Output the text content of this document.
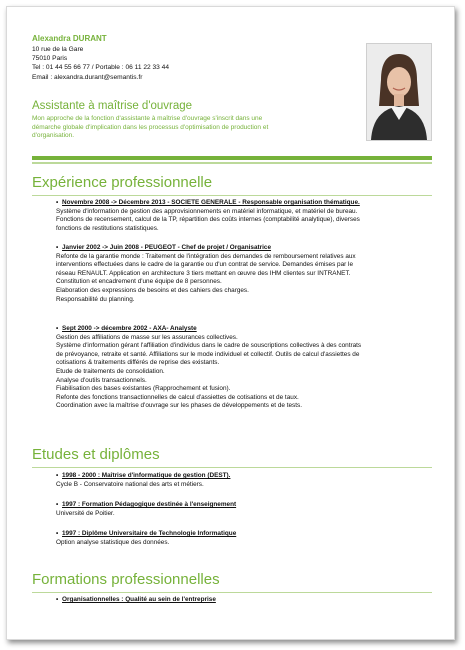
Alexandra DURANT
10 rue de la Gare
75010 Paris
Tel : 01 44 55 66 77 / Portable : 06 11 22 33 44
Email : alexandra.durant@semantis.fr
Assistante à maîtrise d'ouvrage
Mon approche de la fonction d'assistante à maîtrise d'ouvrage s'inscrit dans une
démarche globale d'implication dans les processus d'optimisation de production et
d'organisation.
Expérience professionnelle
• Novembre 2008 -> Décembre 2013 - SOCIETE GENERALE - Responsable organisation thématique.
Système d'information de gestion des approvisionnements en matériel informatique, et matériel de bureau.
Fonctions de recensement, calcul de la TP, répartition des coûts internes (comptabilité analytique), diverses
fonctions de restitutions statistiques.
• Janvier 2002 -> Juin 2008 - PEUGEOT - Chef de projet / Organisatrice
Refonte de la garantie monde : Traitement de l'intégration des demandes de remboursement relatives aux
interventions effectuées dans le cadre de la garantie ou d'un contrat de service. Demandes émises par le
réseau RENAULT. Application en architecture 3 tiers mettant en œuvre des IHM clientes sur INTRANET.
Constitution et encadrement d'une équipe de 8 personnes.
Elaboration des expressions de besoins et des cahiers des charges.
Responsabilité du planning.
• Sept 2000 -> décembre 2002 - AXA- Analyste
Gestion des affiliations de masse sur les assurances collectives.
Système d'information gérant l'affiliation d'individus dans le cadre de souscriptions collectives à des contrats
de prévoyance, retraite et santé. Affiliations sur le mode individuel et collectif. Outils de calcul d'assiettes de
cotisations & traitements différés de reprise des existants.
Etude de traitements de consolidation.
Analyse d'outils transactionnels.
Fiabilisation des bases existantes (Rapprochement et fusion).
Refonte des fonctions transactionnelles de calcul d'assiettes de cotisations et de taux.
Coordination avec la maîtrise d'ouvrage sur les phases de développements et de tests.
Etudes et diplômes
• 1998 - 2000 : Maîtrise d'informatique de gestion (DEST).
Cycle B - Conservatoire national des arts et métiers.
• 1997 : Formation Pédagogique destinée à l'enseignement
Université de Poitier.
• 1997 : Diplôme Universitaire de Technologie Informatique
Option analyse statistique des données.
Formations professionnelles
• Organisationnelles : Qualité au sein de l'entreprise
